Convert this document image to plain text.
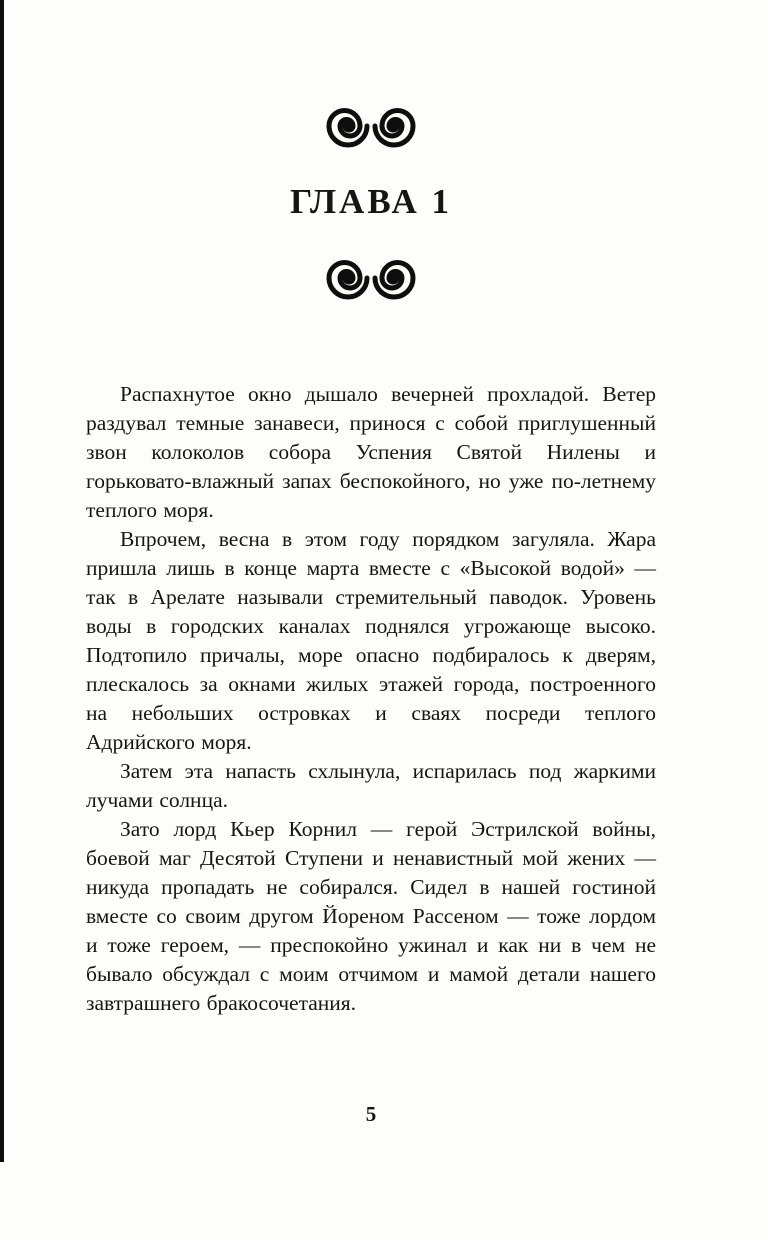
ГЛАВА 1

Распахнутое окно дышало вечерней прохладой. Ветер раздувал темные занавеси, принося с собой приглушенный звон колоколов собора Успения Святой Нилены и горьковато-влажный запах беспокойного, но уже по-летнему теплого моря.

Впрочем, весна в этом году порядком загуляла. Жара пришла лишь в конце марта вместе с «Высокой водой» — так в Арелате называли стремительный паводок. Уровень воды в городских каналах поднялся угрожающе высоко. Подтопило причалы, море опасно подбиралось к дверям, плескалось за окнами жилых этажей города, построенного на небольших островках и сваях посреди теплого Адрийского моря.

Затем эта напасть схлынула, испарилась под жаркими лучами солнца.

Зато лорд Кьер Корнил — герой Эстрилской войны, боевой маг Десятой Ступени и ненавистный мой жених — никуда пропадать не собирался. Сидел в нашей гостиной вместе со своим другом Йореном Рассеном — тоже лордом и тоже героем, — преспокойно ужинал и как ни в чем не бывало обсуждал с моим отчимом и мамой детали нашего завтрашнего бракосочетания.

5
